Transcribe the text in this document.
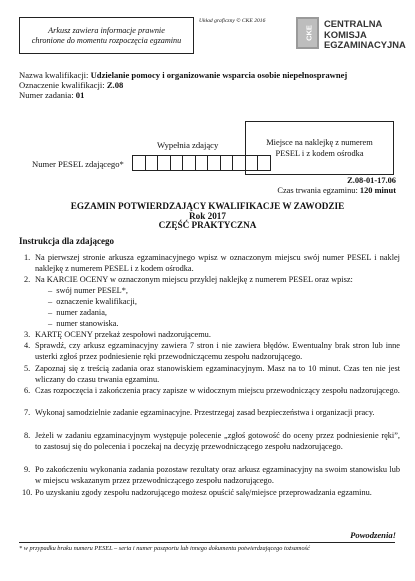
Arkusz zawiera informacje prawnie
chronione do momentu rozpoczęcia egzaminu
Układ graficzny © CKE 2016
CKE
CENTRALNA
KOMISJA
EGZAMINACYJNA
Nazwa kwalifikacji: Udzielanie pomocy i organizowanie wsparcia osobie niepełnosprawnej
Oznaczenie kwalifikacji: Z.08
Numer zadania: 01
Wypełnia zdający
Numer PESEL zdającego*
Miejsce na naklejkę z numerem
PESEL i z kodem ośrodka
Z.08-01-17.06
Czas trwania egzaminu: 120 minut
EGZAMIN POTWIERDZAJĄCY KWALIFIKACJE W ZAWODZIE
Rok 2017
CZĘŚĆ PRAKTYCZNA
Instrukcja dla zdającego
1. Na pierwszej stronie arkusza egzaminacyjnego wpisz w oznaczonym miejscu swój numer PESEL i naklej naklejkę z numerem PESEL i z kodem ośrodka.
2. Na KARCIE OCENY w oznaczonym miejscu przyklej naklejkę z numerem PESEL oraz wpisz:
–  swój numer PESEL*,
–  oznaczenie kwalifikacji,
–  numer zadania,
–  numer stanowiska.
3. KARTĘ OCENY przekaż zespołowi nadzorującemu.
4. Sprawdź, czy arkusz egzaminacyjny zawiera 7 stron i nie zawiera błędów. Ewentualny brak stron lub inne usterki zgłoś przez podniesienie ręki przewodniczącemu zespołu nadzorującego.
5. Zapoznaj się z treścią zadania oraz stanowiskiem egzaminacyjnym. Masz na to 10 minut. Czas ten nie jest wliczany do czasu trwania egzaminu.
6. Czas rozpoczęcia i zakończenia pracy zapisze w widocznym miejscu przewodniczący zespołu nadzorującego.
7. Wykonaj samodzielnie zadanie egzaminacyjne. Przestrzegaj zasad bezpieczeństwa i organizacji pracy.
8. Jeżeli w zadaniu egzaminacyjnym występuje polecenie „zgłoś gotowość do oceny przez podniesienie ręki”, to zastosuj się do polecenia i poczekaj na decyzję przewodniczącego zespołu nadzorującego.
9. Po zakończeniu wykonania zadania pozostaw rezultaty oraz arkusz egzaminacyjny na swoim stanowisku lub w miejscu wskazanym przez przewodniczącego zespołu nadzorującego.
10. Po uzyskaniu zgody zespołu nadzorującego możesz opuścić salę/miejsce przeprowadzania egzaminu.
Powodzenia!
* w przypadku braku numeru PESEL – seria i numer paszportu lub innego dokumentu potwierdzającego tożsamość
